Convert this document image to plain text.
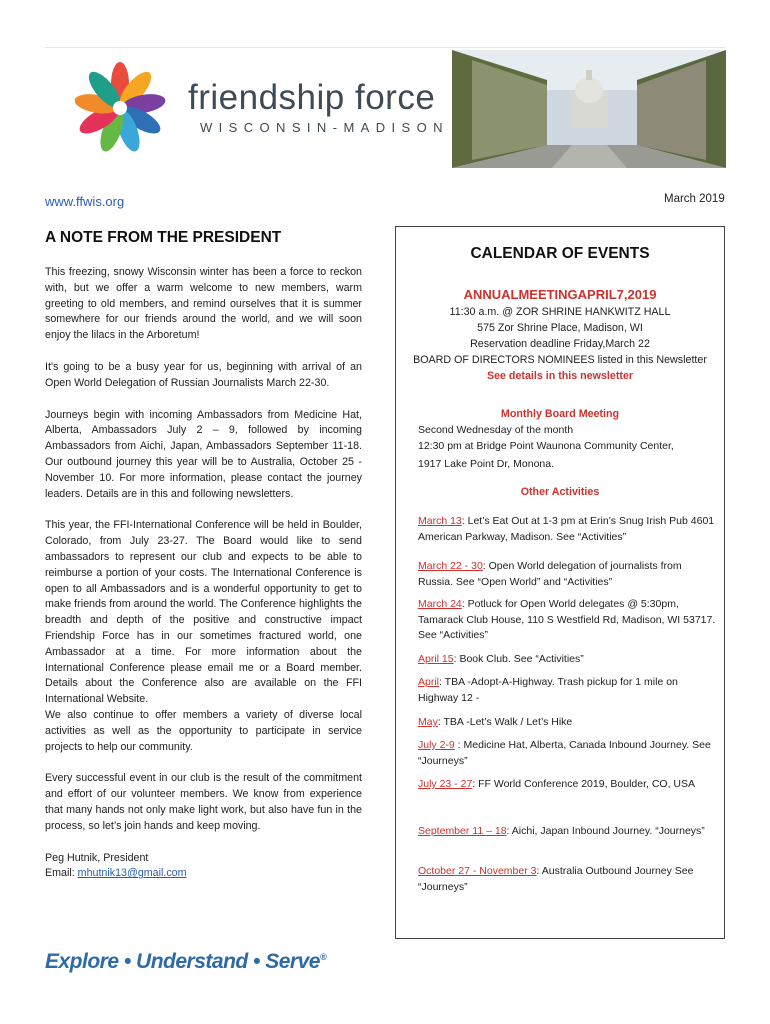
friendship force
WISCONSIN-MADISON
www.ffwis.org	March 2019
A NOTE FROM THE PRESIDENT

This freezing, snowy Wisconsin winter has been a force to reckon with, but we offer a warm welcome to new members, warm greeting to old members, and remind ourselves that it is summer somewhere for our friends around the world, and we will soon enjoy the lilacs in the Arboretum!

It's going to be a busy year for us, beginning with arrival of an Open World Delegation of Russian Journalists March 22-30.

Journeys begin with incoming Ambassadors from Medicine Hat, Alberta, Ambassadors July 2 – 9, followed by incoming Ambassadors from Aichi, Japan, Ambassadors September 11-18. Our outbound journey this year will be to Australia, October 25 - November 10. For more information, please contact the journey leaders. Details are in this and following newsletters.

This year, the FFI-International Conference will be held in Boulder, Colorado, from July 23-27. The Board would like to send ambassadors to represent our club and expects to be able to reimburse a portion of your costs. The International Conference is open to all Ambassadors and is a wonderful opportunity to get to make friends from around the world. The Conference highlights the breadth and depth of the positive and constructive impact Friendship Force has in our sometimes fractured world, one Ambassador at a time. For more information about the International Conference please email me or a Board member. Details about the Conference also are available on the FFI International Website.

We also continue to offer members a variety of diverse local activities as well as the opportunity to participate in service projects to help our community.

Every successful event in our club is the result of the commitment and effort of our volunteer members. We know from experience that many hands not only make light work, but also have fun in the process, so let’s join hands and keep moving.

Peg Hutnik, President

Email: mhutnik13@gmail.com

CALENDAR OF EVENTS
ANNUALMEETINGAPRIL7,2019
11:30 a.m. @ ZOR SHRINE HANKWITZ HALL
575 Zor Shrine Place, Madison, WI
Reservation deadline Friday,March 22
BOARD OF DIRECTORS NOMINEES listed in this Newsletter
See details in this newsletter
Monthly Board Meeting
Second Wednesday of the month
12:30 pm at Bridge Point Waunona Community Center,
1917 Lake Point Dr, Monona.
Other Activities
March 13: Let’s Eat Out at 1-3 pm at Erin’s Snug Irish Pub 4601 American Parkway, Madison. See “Activities”
March 22 - 30: Open World delegation of journalists from Russia. See “Open World” and “Activities”
March 24: Potluck for Open World delegates @ 5:30pm, Tamarack Club House, 110 S Westfield Rd, Madison, WI 53717. See “Activities”
April 15: Book Club. See “Activities”
April: TBA -Adopt-A-Highway. Trash pickup for 1 mile on Highway 12 -
May: TBA -Let’s Walk / Let’s Hike
July 2-9 : Medicine Hat, Alberta, Canada Inbound Journey. See “Journeys”
July 23 - 27: FF World Conference 2019, Boulder, CO, USA
September 11 – 18: Aichi, Japan Inbound Journey. “Journeys”
October 27 - November 3: Australia Outbound Journey See “Journeys”
Explore • Understand • Serve®
